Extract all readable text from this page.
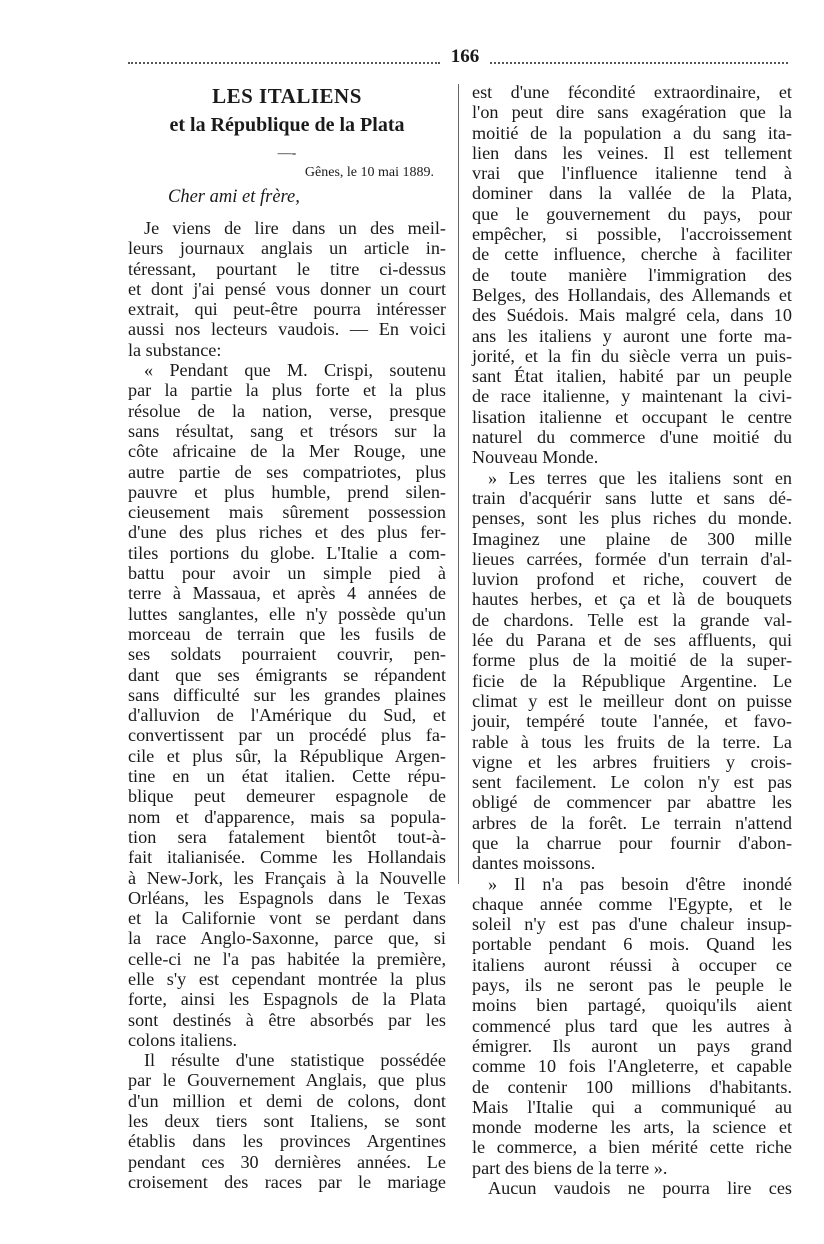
166
LES ITALIENS
et la République de la Plata

—-

Gênes, le 10 mai 1889.

Cher ami et frère,

Je viens de lire dans un des meil-
leurs journaux anglais un article in-
téressant, pourtant le titre ci-dessus
et dont j'ai pensé vous donner un court
extrait, qui peut-être pourra intéresser
aussi nos lecteurs vaudois. — En voici
la substance:
« Pendant que M. Crispi, soutenu
par la partie la plus forte et la plus
résolue de la nation, verse, presque
sans résultat, sang et trésors sur la
côte africaine de la Mer Rouge, une
autre partie de ses compatriotes, plus
pauvre et plus humble, prend silen-
cieusement mais sûrement possession
d'une des plus riches et des plus fer-
tiles portions du globe. L'Italie a com-
battu pour avoir un simple pied à
terre à Massaua, et après 4 années de
luttes sanglantes, elle n'y possède qu'un
morceau de terrain que les fusils de
ses soldats pourraient couvrir, pen-
dant que ses émigrants se répandent
sans difficulté sur les grandes plaines
d'alluvion de l'Amérique du Sud, et
convertissent par un procédé plus fa-
cile et plus sûr, la République Argen-
tine en un état italien. Cette répu-
blique peut demeurer espagnole de
nom et d'apparence, mais sa popula-
tion sera fatalement bientôt tout-à-
fait italianisée. Comme les Hollandais
à New-Jork, les Français à la Nouvelle
Orléans, les Espagnols dans le Texas
et la Californie vont se perdant dans
la race Anglo-Saxonne, parce que, si
celle-ci ne l'a pas habitée la première,
elle s'y est cependant montrée la plus
forte, ainsi les Espagnols de la Plata
sont destinés à être absorbés par les
colons italiens.
Il résulte d'une statistique possédée
par le Gouvernement Anglais, que plus
d'un million et demi de colons, dont
les deux tiers sont Italiens, se sont
établis dans les provinces Argentines
pendant ces 30 dernières années. Le
croisement des races par le mariage
est d'une fécondité extraordinaire, et
l'on peut dire sans exagération que la
moitié de la population a du sang ita-
lien dans les veines. Il est tellement
vrai que l'influence italienne tend à
dominer dans la vallée de la Plata,
que le gouvernement du pays, pour
empêcher, si possible, l'accroissement
de cette influence, cherche à faciliter
de toute manière l'immigration des
Belges, des Hollandais, des Allemands et
des Suédois. Mais malgré cela, dans 10
ans les italiens y auront une forte ma-
jorité, et la fin du siècle verra un puis-
sant État italien, habité par un peuple
de race italienne, y maintenant la civi-
lisation italienne et occupant le centre
naturel du commerce d'une moitié du
Nouveau Monde.
» Les terres que les italiens sont en
train d'acquérir sans lutte et sans dé-
penses, sont les plus riches du monde.
Imaginez une plaine de 300 mille
lieues carrées, formée d'un terrain d'al-
luvion profond et riche, couvert de
hautes herbes, et ça et là de bouquets
de chardons. Telle est la grande val-
lée du Parana et de ses affluents, qui
forme plus de la moitié de la super-
ficie de la République Argentine. Le
climat y est le meilleur dont on puisse
jouir, tempéré toute l'année, et favo-
rable à tous les fruits de la terre. La
vigne et les arbres fruitiers y crois-
sent facilement. Le colon n'y est pas
obligé de commencer par abattre les
arbres de la forêt. Le terrain n'attend
que la charrue pour fournir d'abon-
dantes moissons.
» Il n'a pas besoin d'être inondé
chaque année comme l'Egypte, et le
soleil n'y est pas d'une chaleur insup-
portable pendant 6 mois. Quand les
italiens auront réussi à occuper ce
pays, ils ne seront pas le peuple le
moins bien partagé, quoiqu'ils aient
commencé plus tard que les autres à
émigrer. Ils auront un pays grand
comme 10 fois l'Angleterre, et capable
de contenir 100 millions d'habitants.
Mais l'Italie qui a communiqué au
monde moderne les arts, la science et
le commerce, a bien mérité cette riche
part des biens de la terre ».
Aucun vaudois ne pourra lire ces
